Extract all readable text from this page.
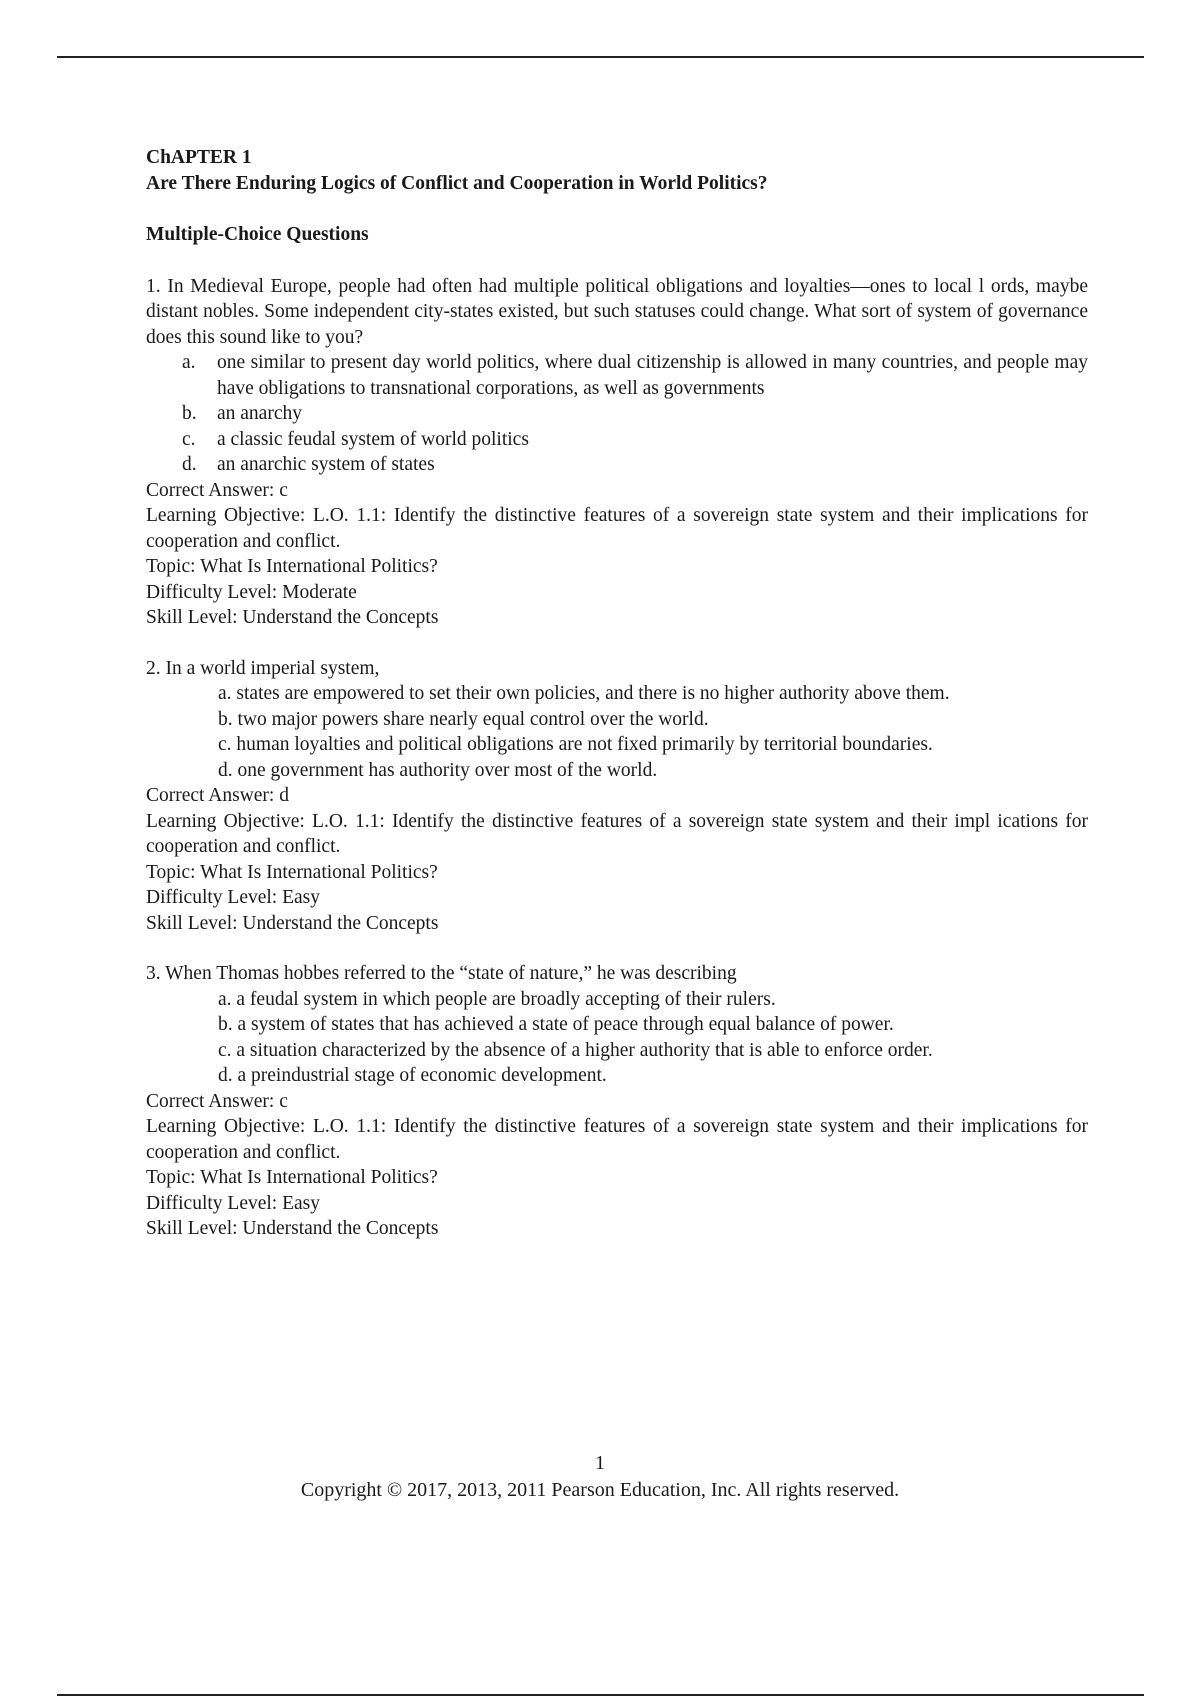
ChAPTER 1
Are There Enduring Logics of Conflict and Cooperation in World Politics?
Multiple-Choice Questions
1. In Medieval Europe, people had often had multiple political obligations and loyalties—ones to local l ords, maybe distant nobles. Some independent city-states existed, but such statuses could change. What sort of system of governance does this sound like to you?
a. one similar to present day world politics, where dual citizenship is allowed in many countries, and people may have obligations to transnational corporations, as well as governments
b. an anarchy
c. a classic feudal system of world politics
d. an anarchic system of states
Correct Answer: c
Learning Objective: L.O. 1.1: Identify the distinctive features of a sovereign state system and their implications for cooperation and conflict.
Topic: What Is International Politics?
Difficulty Level: Moderate
Skill Level: Understand the Concepts
2. In a world imperial system,
a. states are empowered to set their own policies, and there is no higher authority above them.
b. two major powers share nearly equal control over the world.
c. human loyalties and political obligations are not fixed primarily by territorial boundaries.
d. one government has authority over most of the world.
Correct Answer: d
Learning Objective: L.O. 1.1: Identify the distinctive features of a sovereign state system and their impl ications for cooperation and conflict.
Topic: What Is International Politics?
Difficulty Level: Easy
Skill Level: Understand the Concepts
3. When Thomas hobbes referred to the “state of nature,” he was describing
a. a feudal system in which people are broadly accepting of their rulers.
b. a system of states that has achieved a state of peace through equal balance of power.
c. a situation characterized by the absence of a higher authority that is able to enforce order.
d. a preindustrial stage of economic development.
Correct Answer: c
Learning Objective: L.O. 1.1: Identify the distinctive features of a sovereign state system and their implications for cooperation and conflict.
Topic: What Is International Politics?
Difficulty Level: Easy
Skill Level: Understand the Concepts
1
Copyright © 2017, 2013, 2011 Pearson Education, Inc. All rights reserved.
